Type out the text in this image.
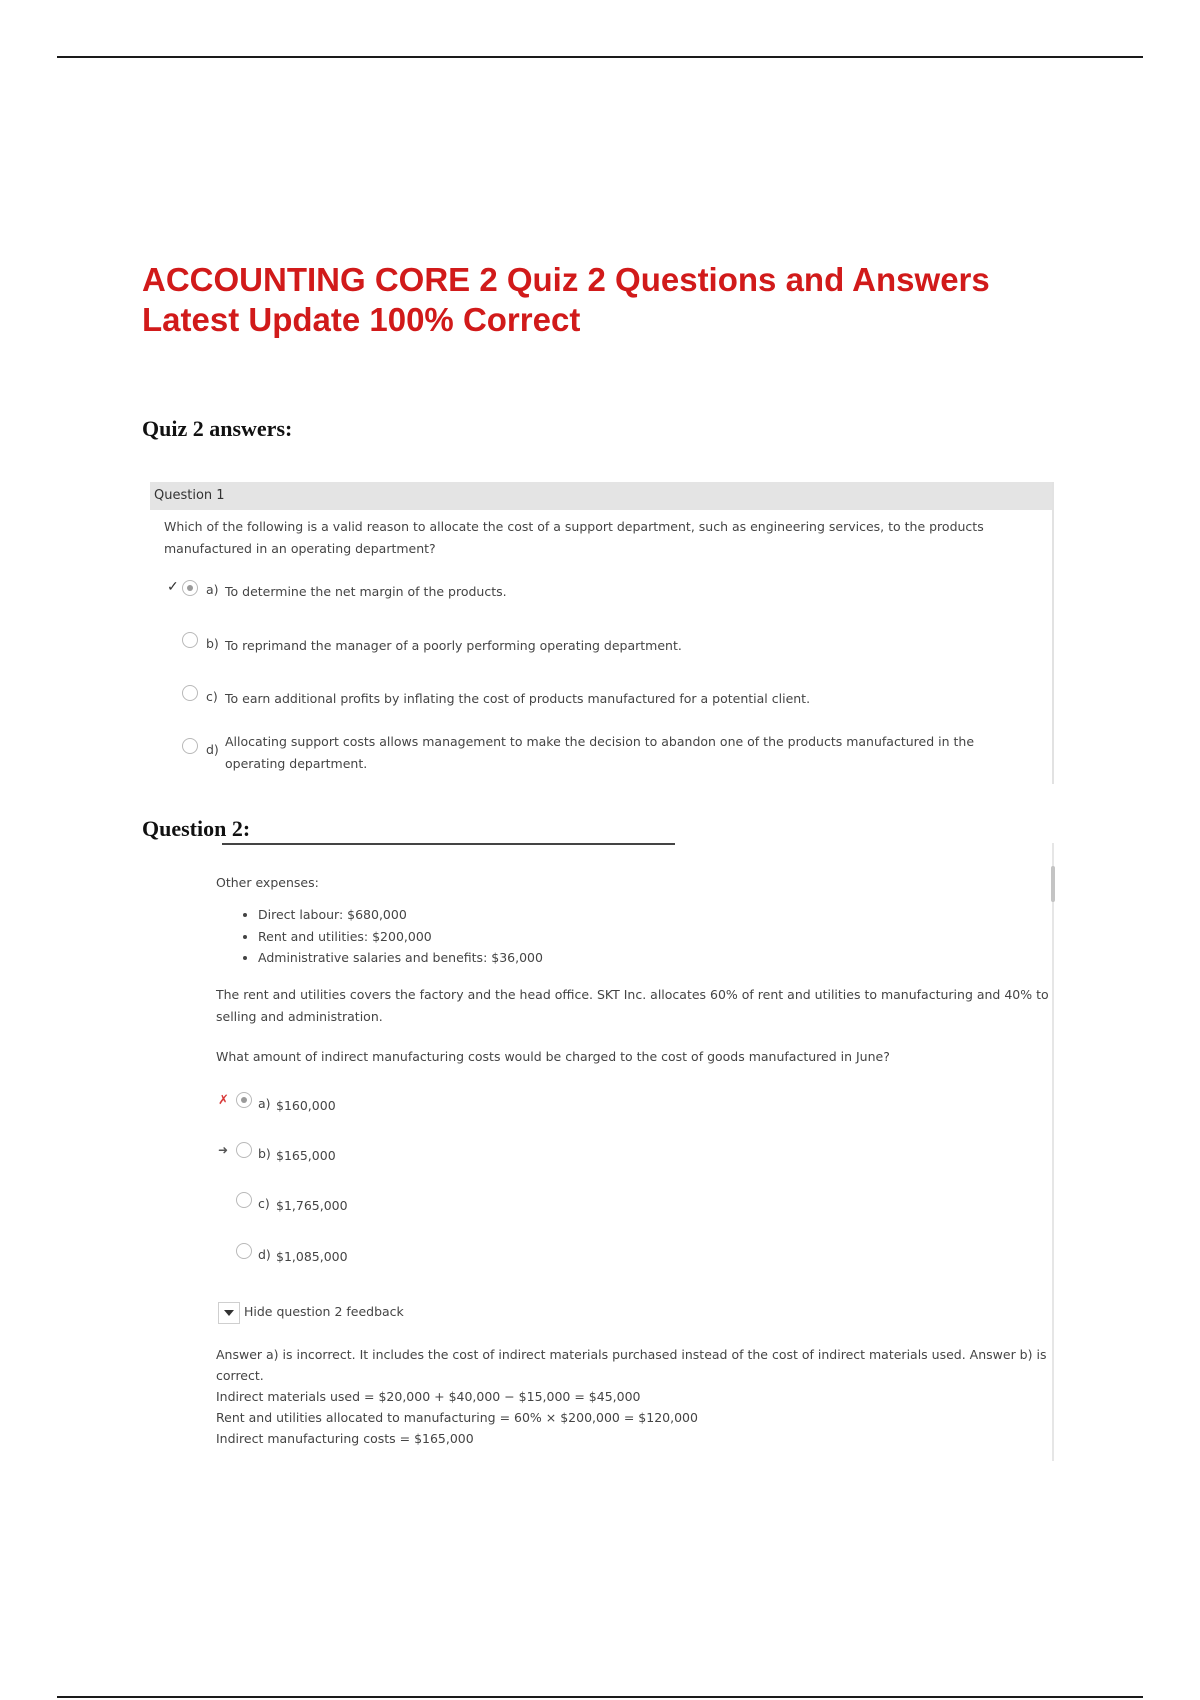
ACCOUNTING CORE 2 Quiz 2 Questions and Answers
Latest Update 100% Correct
Quiz 2 answers:
Question 1
Which of the following is a valid reason to allocate the cost of a support department, such as engineering services, to the products manufactured in an operating department?
✓ a) To determine the net margin of the products.
b) To reprimand the manager of a poorly performing operating department.
c) To earn additional profits by inflating the cost of products manufactured for a potential client.
d)
Allocating support costs allows management to make the decision to abandon one of the products manufactured in the
operating department.
Question 2:
Other expenses:
• Direct labour: $680,000
• Rent and utilities: $200,000
• Administrative salaries and benefits: $36,000
The rent and utilities covers the factory and the head office. SKT Inc. allocates 60% of rent and utilities to manufacturing and 40% to
selling and administration.
What amount of indirect manufacturing costs would be charged to the cost of goods manufactured in June?
✗ a) $160,000
➜ b) $165,000
c) $1,765,000
d) $1,085,000
Hide question 2 feedback
Answer a) is incorrect. It includes the cost of indirect materials purchased instead of the cost of indirect materials used. Answer b) is
correct.
Indirect materials used = $20,000 + $40,000 − $15,000 = $45,000
Rent and utilities allocated to manufacturing = 60% × $200,000 = $120,000
Indirect manufacturing costs = $165,000
